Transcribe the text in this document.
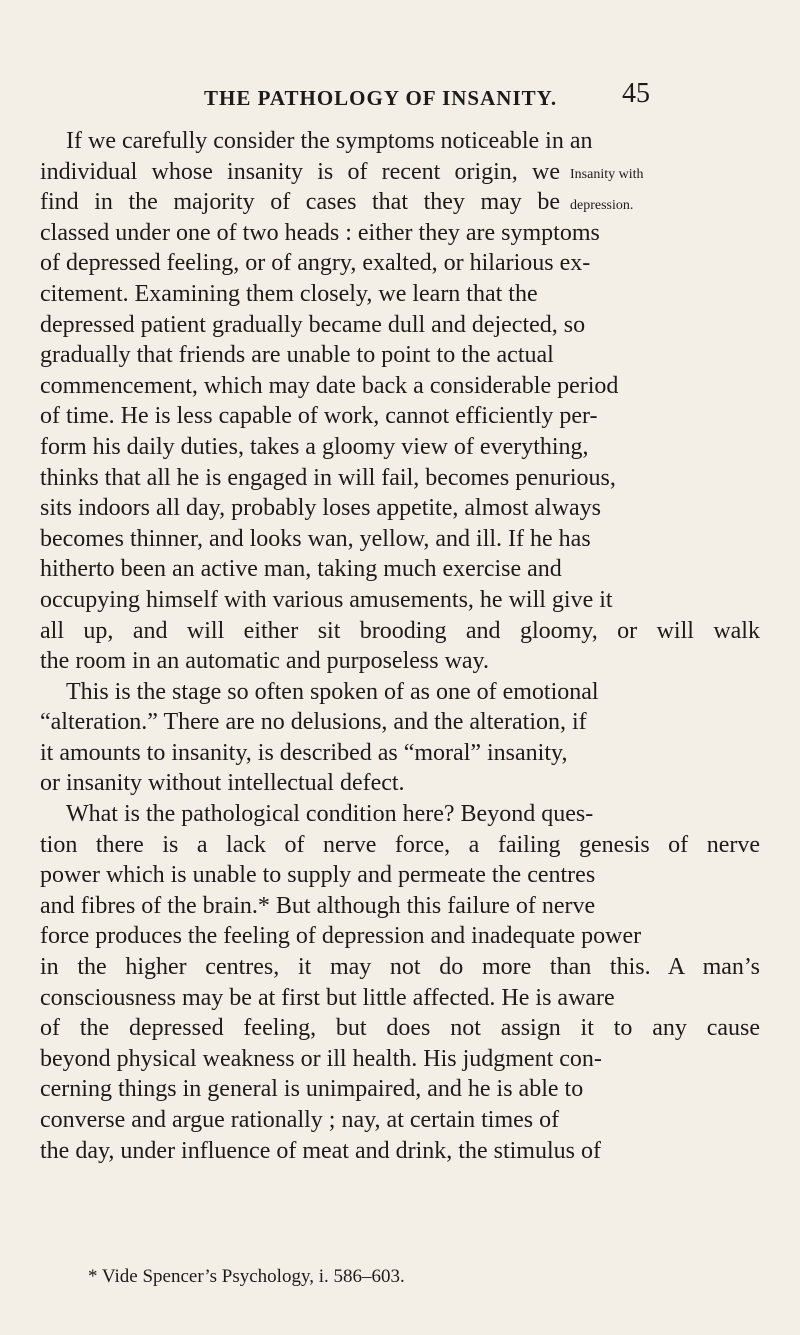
THE PATHOLOGY OF INSANITY. 45
If we carefully consider the symptoms noticeable in an
individual whose insanity is of recent origin, we
find in the majority of cases that they may be
classed under one of two heads : either they are symptoms
of depressed feeling, or of angry, exalted, or hilarious ex-
citement. Examining them closely, we learn that the
depressed patient gradually became dull and dejected, so
gradually that friends are unable to point to the actual
commencement, which may date back a considerable period
of time. He is less capable of work, cannot efficiently per-
form his daily duties, takes a gloomy view of everything,
thinks that all he is engaged in will fail, becomes penurious,
sits indoors all day, probably loses appetite, almost always
becomes thinner, and looks wan, yellow, and ill. If he has
hitherto been an active man, taking much exercise and
occupying himself with various amusements, he will give it
all up, and will either sit brooding and gloomy, or will walk
the room in an automatic and purposeless way.
This is the stage so often spoken of as one of emotional
“alteration.” There are no delusions, and the alteration, if
it amounts to insanity, is described as “moral” insanity,
or insanity without intellectual defect.
What is the pathological condition here? Beyond ques-
tion there is a lack of nerve force, a failing genesis of nerve
power which is unable to supply and permeate the centres
and fibres of the brain.* But although this failure of nerve
force produces the feeling of depression and inadequate power
in the higher centres, it may not do more than this. A man’s
consciousness may be at first but little affected. He is aware
of the depressed feeling, but does not assign it to any cause
beyond physical weakness or ill health. His judgment con-
cerning things in general is unimpaired, and he is able to
converse and argue rationally ; nay, at certain times of
the day, under influence of meat and drink, the stimulus of
Insanity with
depression.
* Vide Spencer’s Psychology, i. 586–603.
